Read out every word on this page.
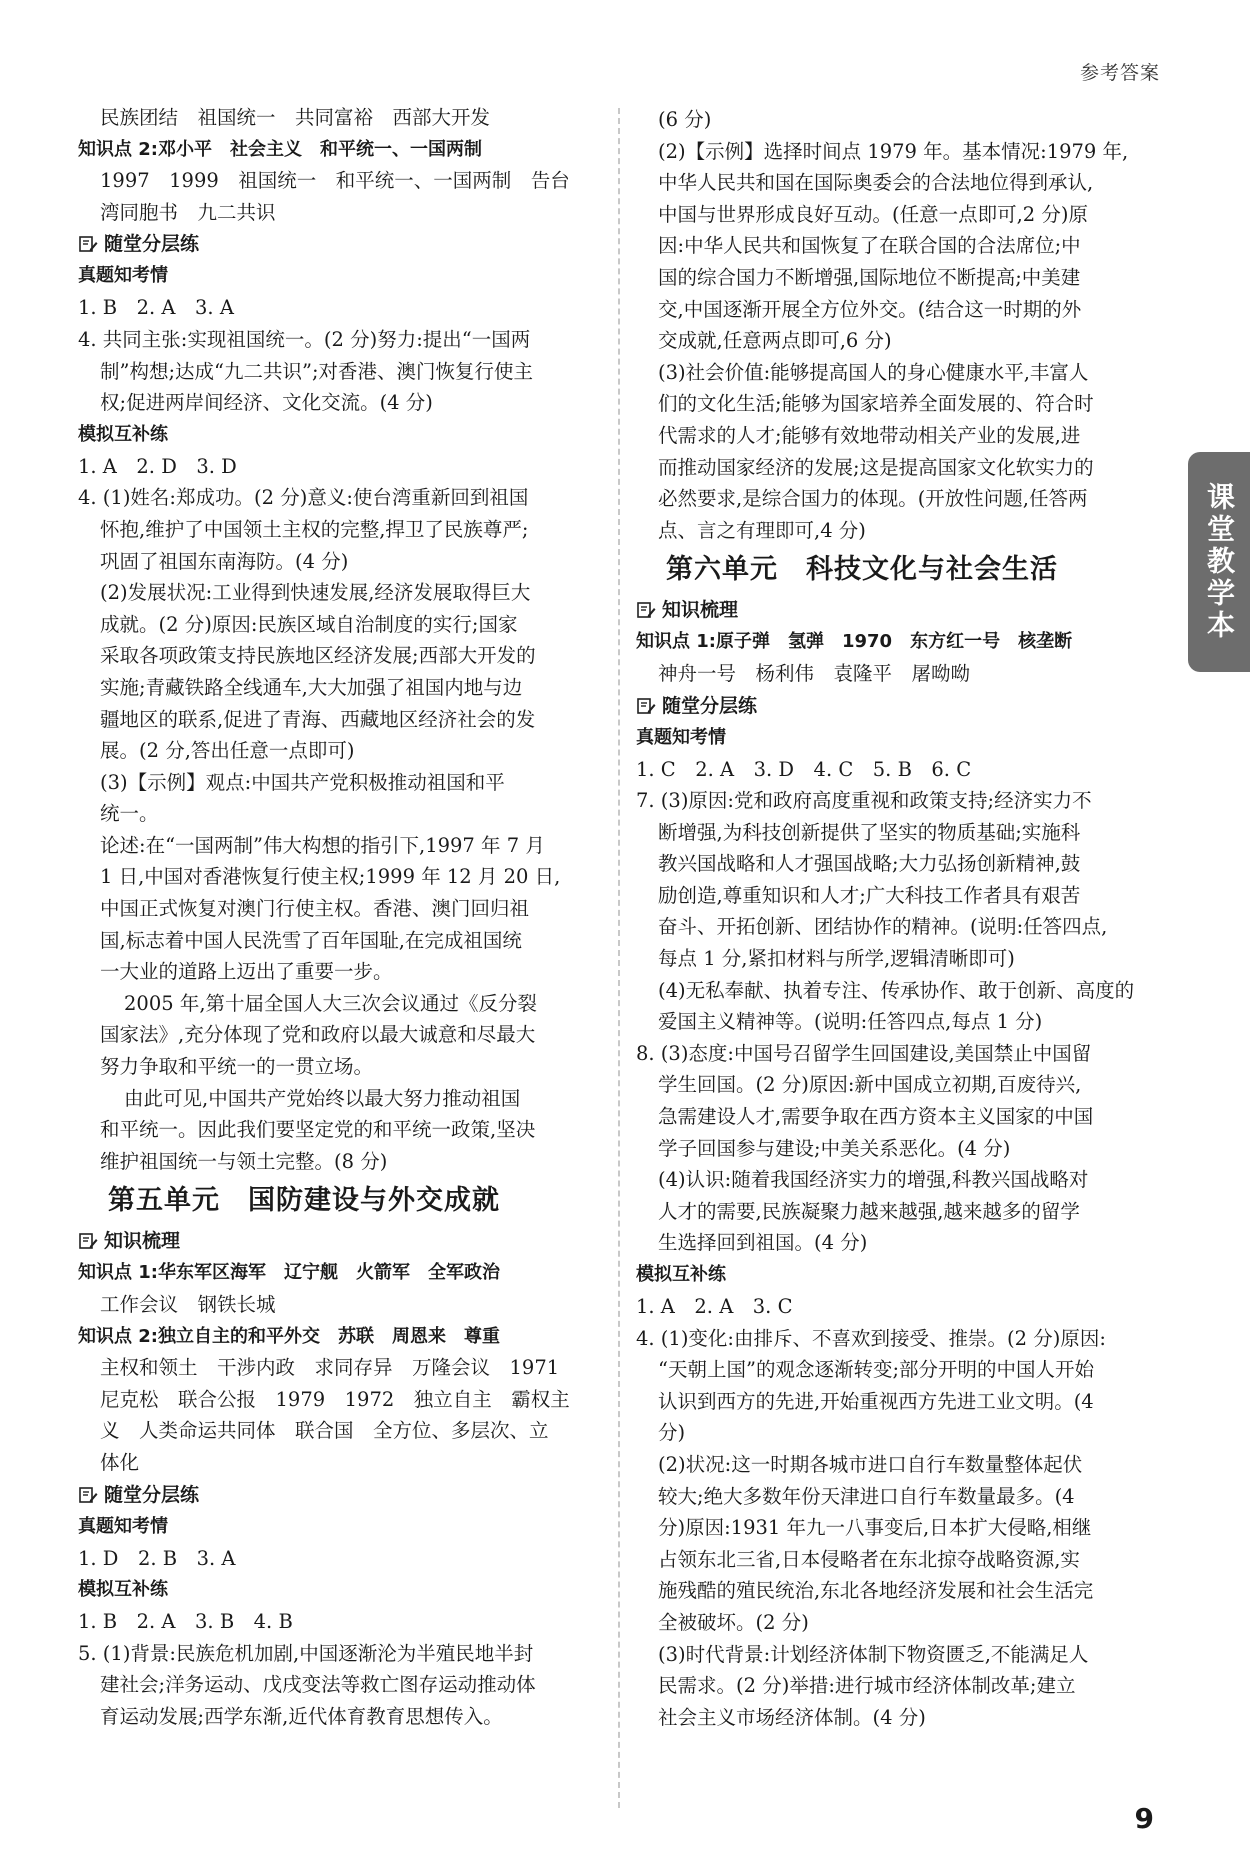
参考答案
民族团结　祖国统一　共同富裕　西部大开发
知识点 2:邓小平　社会主义　和平统一、一国两制
1997　1999　祖国统一　和平统一、一国两制　告台
湾同胞书　九二共识
随堂分层练
真题知考情
1. B　2. A　3. A
4. 共同主张:实现祖国统一。(2 分)努力:提出“一国两
制”构想;达成“九二共识”;对香港、澳门恢复行使主
权;促进两岸间经济、文化交流。(4 分)
模拟互补练
1. A　2. D　3. D
4. (1)姓名:郑成功。(2 分)意义:使台湾重新回到祖国
怀抱,维护了中国领土主权的完整,捍卫了民族尊严;
巩固了祖国东南海防。(4 分)
(2)发展状况:工业得到快速发展,经济发展取得巨大
成就。(2 分)原因:民族区域自治制度的实行;国家
采取各项政策支持民族地区经济发展;西部大开发的
实施;青藏铁路全线通车,大大加强了祖国内地与边
疆地区的联系,促进了青海、西藏地区经济社会的发
展。(2 分,答出任意一点即可)
(3)【示例】观点:中国共产党积极推动祖国和平
统一。
论述:在“一国两制”伟大构想的指引下,1997 年 7 月
1 日,中国对香港恢复行使主权;1999 年 12 月 20 日,
中国正式恢复对澳门行使主权。香港、澳门回归祖
国,标志着中国人民洗雪了百年国耻,在完成祖国统
一大业的道路上迈出了重要一步。
2005 年,第十届全国人大三次会议通过《反分裂
国家法》,充分体现了党和政府以最大诚意和尽最大
努力争取和平统一的一贯立场。
由此可见,中国共产党始终以最大努力推动祖国
和平统一。因此我们要坚定党的和平统一政策,坚决
维护祖国统一与领土完整。(8 分)
第五单元　国防建设与外交成就
知识梳理
知识点 1:华东军区海军　辽宁舰　火箭军　全军政治
工作会议　钢铁长城
知识点 2:独立自主的和平外交　苏联　周恩来　尊重
主权和领土　干涉内政　求同存异　万隆会议　1971
尼克松　联合公报　1979　1972　独立自主　霸权主
义　人类命运共同体　联合国　全方位、多层次、立
体化
随堂分层练
真题知考情
1. D　2. B　3. A
模拟互补练
1. B　2. A　3. B　4. B
5. (1)背景:民族危机加剧,中国逐渐沦为半殖民地半封
建社会;洋务运动、戊戌变法等救亡图存运动推动体
育运动发展;西学东渐,近代体育教育思想传入。
(6 分)
(2)【示例】选择时间点 1979 年。基本情况:1979 年,
中华人民共和国在国际奥委会的合法地位得到承认,
中国与世界形成良好互动。(任意一点即可,2 分)原
因:中华人民共和国恢复了在联合国的合法席位;中
国的综合国力不断增强,国际地位不断提高;中美建
交,中国逐渐开展全方位外交。(结合这一时期的外
交成就,任意两点即可,6 分)
(3)社会价值:能够提高国人的身心健康水平,丰富人
们的文化生活;能够为国家培养全面发展的、符合时
代需求的人才;能够有效地带动相关产业的发展,进
而推动国家经济的发展;这是提高国家文化软实力的
必然要求,是综合国力的体现。(开放性问题,任答两
点、言之有理即可,4 分)
第六单元　科技文化与社会生活
知识梳理
知识点 1:原子弹　氢弹　1970　东方红一号　核垄断
神舟一号　杨利伟　袁隆平　屠呦呦
随堂分层练
真题知考情
1. C　2. A　3. D　4. C　5. B　6. C
7. (3)原因:党和政府高度重视和政策支持;经济实力不
断增强,为科技创新提供了坚实的物质基础;实施科
教兴国战略和人才强国战略;大力弘扬创新精神,鼓
励创造,尊重知识和人才;广大科技工作者具有艰苦
奋斗、开拓创新、团结协作的精神。(说明:任答四点,
每点 1 分,紧扣材料与所学,逻辑清晰即可)
(4)无私奉献、执着专注、传承协作、敢于创新、高度的
爱国主义精神等。(说明:任答四点,每点 1 分)
8. (3)态度:中国号召留学生回国建设,美国禁止中国留
学生回国。(2 分)原因:新中国成立初期,百废待兴,
急需建设人才,需要争取在西方资本主义国家的中国
学子回国参与建设;中美关系恶化。(4 分)
(4)认识:随着我国经济实力的增强,科教兴国战略对
人才的需要,民族凝聚力越来越强,越来越多的留学
生选择回到祖国。(4 分)
模拟互补练
1. A　2. A　3. C
4. (1)变化:由排斥、不喜欢到接受、推崇。(2 分)原因:
“天朝上国”的观念逐渐转变;部分开明的中国人开始
认识到西方的先进,开始重视西方先进工业文明。(4
分)
(2)状况:这一时期各城市进口自行车数量整体起伏
较大;绝大多数年份天津进口自行车数量最多。(4
分)原因:1931 年九一八事变后,日本扩大侵略,相继
占领东北三省,日本侵略者在东北掠夺战略资源,实
施残酷的殖民统治,东北各地经济发展和社会生活完
全被破坏。(2 分)
(3)时代背景:计划经济体制下物资匮乏,不能满足人
民需求。(2 分)举措:进行城市经济体制改革;建立
社会主义市场经济体制。(4 分)
课堂教学本
9
